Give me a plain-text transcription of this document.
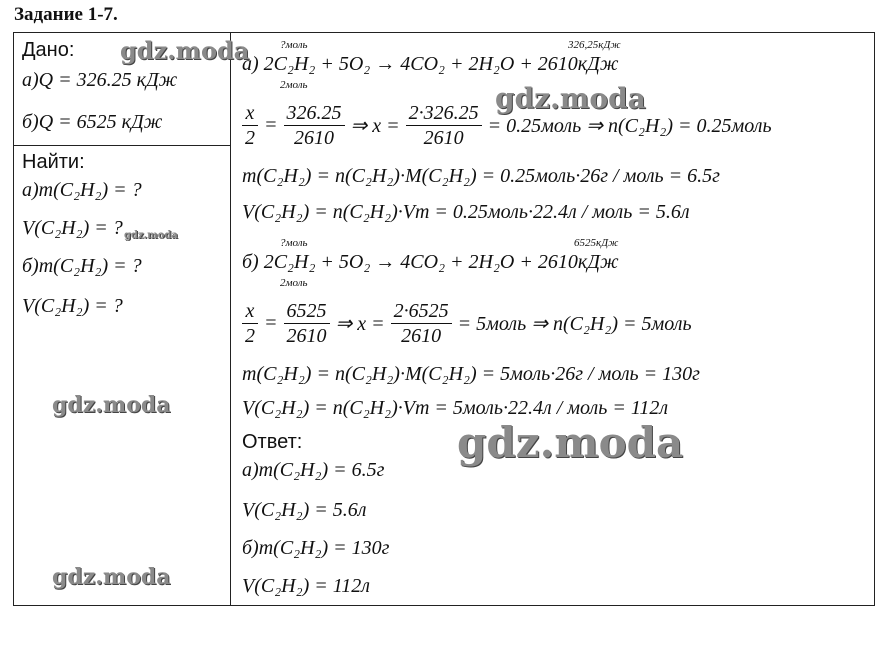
Задание 1-7.
Дано:
а)Q = 326.25 кДж
б)Q = 6525 кДж
Найти:
а)m(C₂H₂) = ?
V(C₂H₂) = ?
б)m(C₂H₂) = ?
V(C₂H₂) = ?
?моль	326,25кДж
а) 2C₂H₂ + 5O₂ → 4CO₂ + 2H₂O + 2610кДж
2моль
$\frac{x}{2} = \frac{326.25}{2610}$ ⇒ $x = \frac{2\cdot 326.25}{2610}$ = 0.25моль ⇒ n(C₂H₂) = 0.25моль
m(C₂H₂) = n(C₂H₂)·M(C₂H₂) = 0.25моль·26г / моль = 6.5г
V(C₂H₂) = n(C₂H₂)·Vm = 0.25моль·22.4л / моль = 5.6л
?моль	6525кДж
б) 2C₂H₂ + 5O₂ → 4CO₂ + 2H₂O + 2610кДж
2моль
$\frac{x}{2} = \frac{6525}{2610}$ ⇒ $x = \frac{2\cdot 6525}{2610}$ = 5моль ⇒ n(C₂H₂) = 5моль
m(C₂H₂) = n(C₂H₂)·M(C₂H₂) = 5моль·26г / моль = 130г
V(C₂H₂) = n(C₂H₂)·Vm = 5моль·22.4л / моль = 112л
Ответ:
а)m(C₂H₂) = 6.5г
V(C₂H₂) = 5.6л
б)m(C₂H₂) = 130г
V(C₂H₂) = 112л
gdz.moda
gdz.moda
gdz.moda
gdz.moda
gdz.moda
gdz.moda
